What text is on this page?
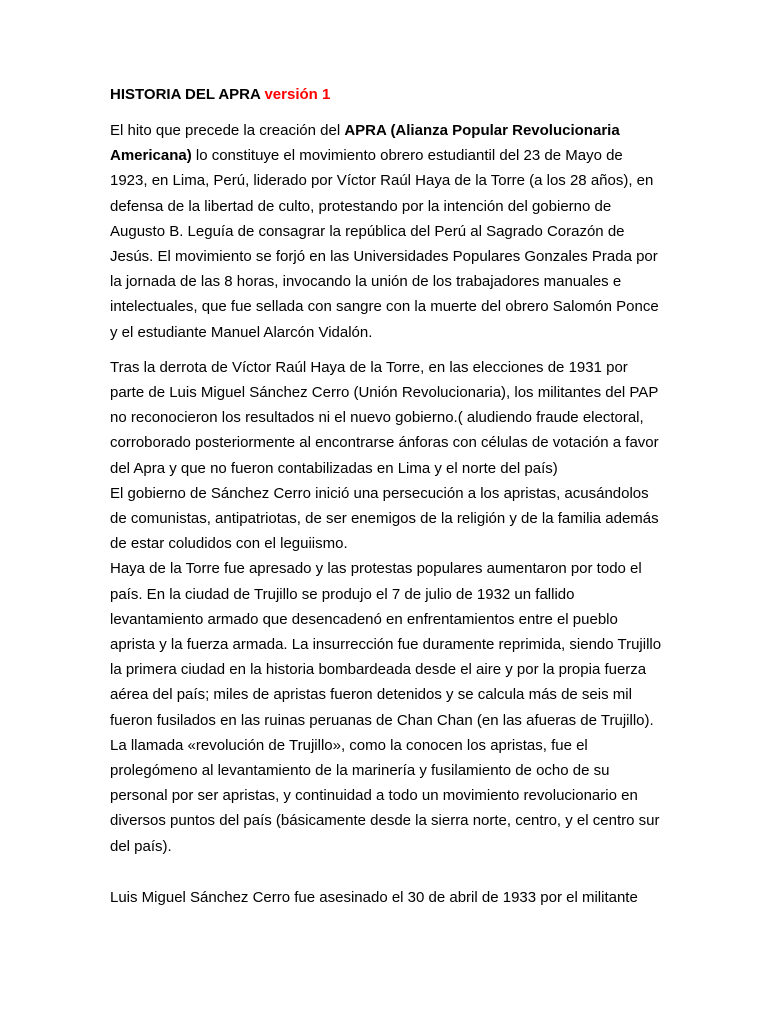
HISTORIA DEL APRA versión 1

El hito que precede la creación del APRA (Alianza Popular Revolucionaria Americana) lo constituye el movimiento obrero estudiantil del 23 de Mayo de 1923, en Lima, Perú, liderado por Víctor Raúl Haya de la Torre (a los 28 años), en defensa de la libertad de culto, protestando por la intención del gobierno de Augusto B. Leguía de consagrar la república del Perú al Sagrado Corazón de Jesús. El movimiento se forjó en las Universidades Populares Gonzales Prada por la jornada de las 8 horas, invocando la unión de los trabajadores manuales e intelectuales, que fue sellada con sangre con la muerte del obrero Salomón Ponce y el estudiante Manuel Alarcón Vidalón.

Tras la derrota de Víctor Raúl Haya de la Torre, en las elecciones de 1931 por parte de Luis Miguel Sánchez Cerro (Unión Revolucionaria), los militantes del PAP no reconocieron los resultados ni el nuevo gobierno.( aludiendo fraude electoral, corroborado posteriormente al encontrarse ánforas con células de votación a favor del Apra y que no fueron contabilizadas en Lima y el norte del país)

El gobierno de Sánchez Cerro inició una persecución a los apristas, acusándolos de comunistas, antipatriotas, de ser enemigos de la religión y de la familia además de estar coludidos con el leguiismo.

Haya de la Torre fue apresado y las protestas populares aumentaron por todo el país. En la ciudad de Trujillo se produjo el 7 de julio de 1932 un fallido levantamiento armado que desencadenó en enfrentamientos entre el pueblo aprista y la fuerza armada. La insurrección fue duramente reprimida, siendo Trujillo la primera ciudad en la historia bombardeada desde el aire y por la propia fuerza aérea del país; miles de apristas fueron detenidos y se calcula más de seis mil fueron fusilados en las ruinas peruanas de Chan Chan (en las afueras de Trujillo). La llamada «revolución de Trujillo», como la conocen los apristas, fue el prolegómeno al levantamiento de la marinería y fusilamiento de ocho de su personal por ser apristas, y continuidad a todo un movimiento revolucionario en diversos puntos del país (básicamente desde la sierra norte, centro, y el centro sur del país).

Luis Miguel Sánchez Cerro fue asesinado el 30 de abril de 1933 por el militante
